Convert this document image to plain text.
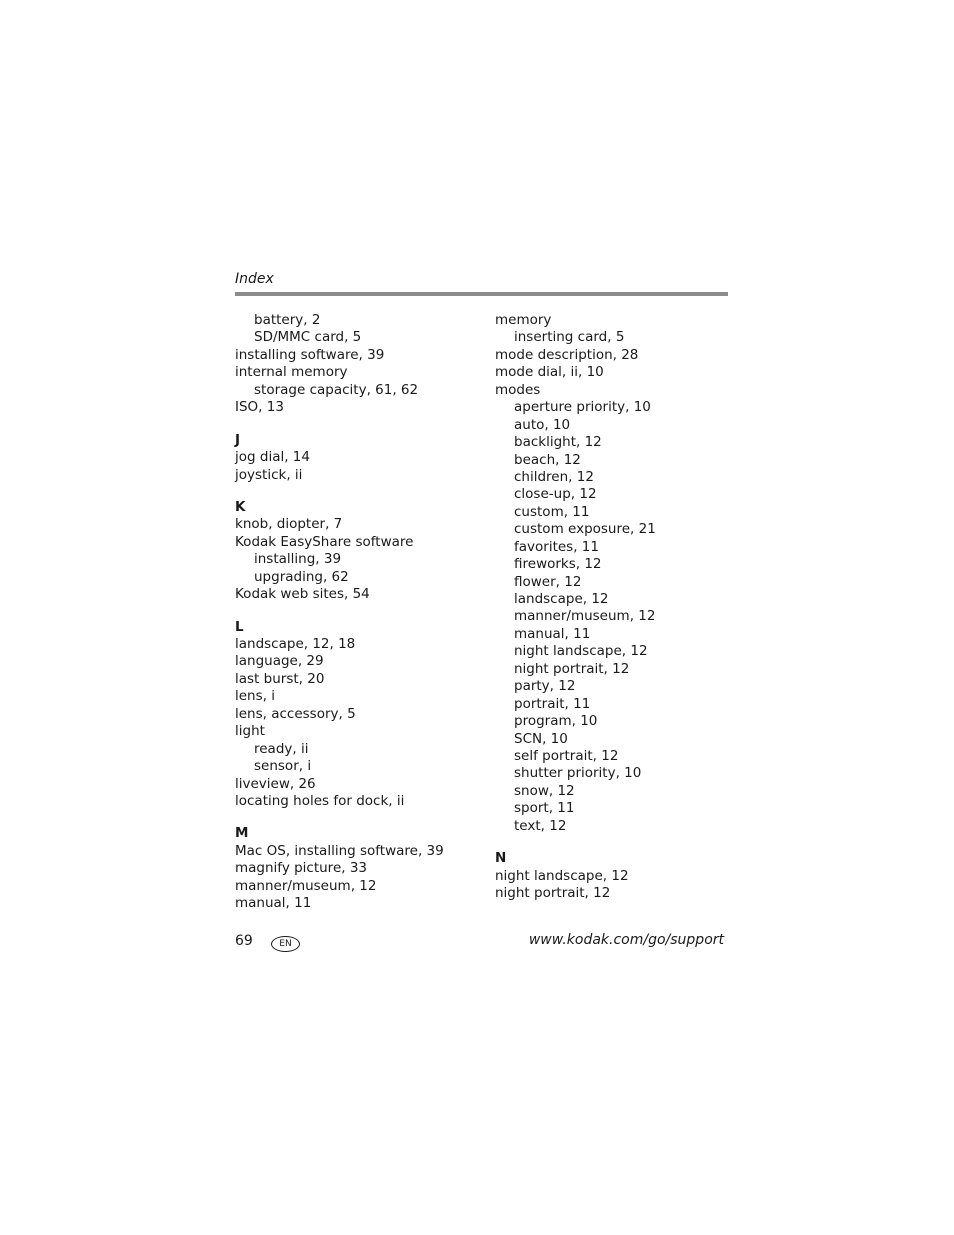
Index
battery, 2
SD/MMC card, 5
installing software, 39
internal memory
storage capacity, 61, 62
ISO, 13
J
jog dial, 14
joystick, ii
K
knob, diopter, 7
Kodak EasyShare software
installing, 39
upgrading, 62
Kodak web sites, 54
L
landscape, 12, 18
language, 29
last burst, 20
lens, i
lens, accessory, 5
light
ready, ii
sensor, i
liveview, 26
locating holes for dock, ii
M
Mac OS, installing software, 39
magnify picture, 33
manner/museum, 12
manual, 11
memory
inserting card, 5
mode description, 28
mode dial, ii, 10
modes
aperture priority, 10
auto, 10
backlight, 12
beach, 12
children, 12
close-up, 12
custom, 11
custom exposure, 21
favorites, 11
fireworks, 12
flower, 12
landscape, 12
manner/museum, 12
manual, 11
night landscape, 12
night portrait, 12
party, 12
portrait, 11
program, 10
SCN, 10
self portrait, 12
shutter priority, 10
snow, 12
sport, 11
text, 12
N
night landscape, 12
night portrait, 12
69	EN	www.kodak.com/go/support
